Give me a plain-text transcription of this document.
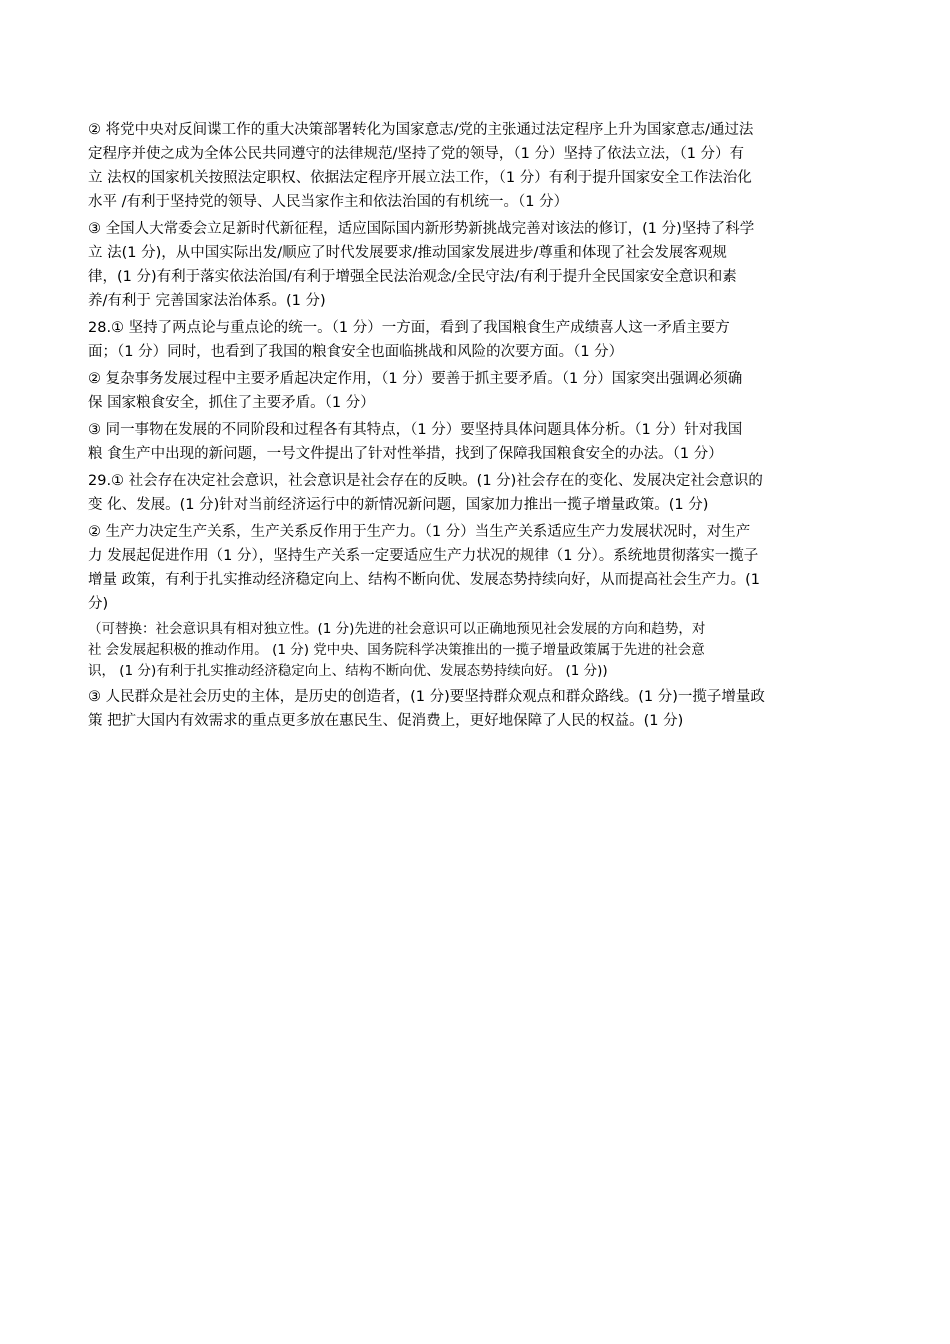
② 将党中央对反间谍工作的重大决策部署转化为国家意志/党的主张通过法定程序上升为国家意志/通过法
定程序并使之成为全体公民共同遵守的法律规范/坚持了党的领导，（1 分）坚持了依法立法，（1 分）有
立 法权的国家机关按照法定职权、依据法定程序开展立法工作，（1 分）有利于提升国家安全工作法治化
水平 /有利于坚持党的领导、人民当家作主和依法治国的有机统一。（1 分）
③ 全国人大常委会立足新时代新征程，适应国际国内新形势新挑战完善对该法的修订，(1 分)坚持了科学
立 法(1 分)，从中国实际出发/顺应了时代发展要求/推动国家发展进步/尊重和体现了社会发展客观规
律，(1 分)有利于落实依法治国/有利于增强全民法治观念/全民守法/有利于提升全民国家安全意识和素
养/有利于 完善国家法治体系。(1 分)
28.① 坚持了两点论与重点论的统一。（1 分）一方面，看到了我国粮食生产成绩喜人这一矛盾主要方
面；（1 分）同时，也看到了我国的粮食安全也面临挑战和风险的次要方面。（1 分）
② 复杂事务发展过程中主要矛盾起决定作用，（1 分）要善于抓主要矛盾。（1 分）国家突出强调必须确
保 国家粮食安全，抓住了主要矛盾。（1 分）
③ 同一事物在发展的不同阶段和过程各有其特点，（1 分）要坚持具体问题具体分析。（1 分）针对我国
粮 食生产中出现的新问题，一号文件提出了针对性举措，找到了保障我国粮食安全的办法。（1 分）
29.① 社会存在决定社会意识，社会意识是社会存在的反映。(1 分)社会存在的变化、发展决定社会意识的
变 化、发展。(1 分)针对当前经济运行中的新情况新问题，国家加力推出一揽子增量政策。(1 分)
② 生产力决定生产关系，生产关系反作用于生产力。（1 分）当生产关系适应生产力发展状况时，对生产
力 发展起促进作用（1 分），坚持生产关系一定要适应生产力状况的规律（1 分）。系统地贯彻落实一揽子
增量 政策，有利于扎实推动经济稳定向上、结构不断向优、发展态势持续向好，从而提高社会生产力。(1
分)
（可替换：社会意识具有相对独立性。(1 分)先进的社会意识可以正确地预见社会发展的方向和趋势，对
社 会发展起积极的推动作用。 (1 分) 党中央、国务院科学决策推出的一揽子增量政策属于先进的社会意
识， (1 分)有利于扎实推动经济稳定向上、结构不断向优、发展态势持续向好。 (1 分))
③ 人民群众是社会历史的主体，是历史的创造者，(1 分)要坚持群众观点和群众路线。(1 分)一揽子增量政
策 把扩大国内有效需求的重点更多放在惠民生、促消费上，更好地保障了人民的权益。(1 分)
